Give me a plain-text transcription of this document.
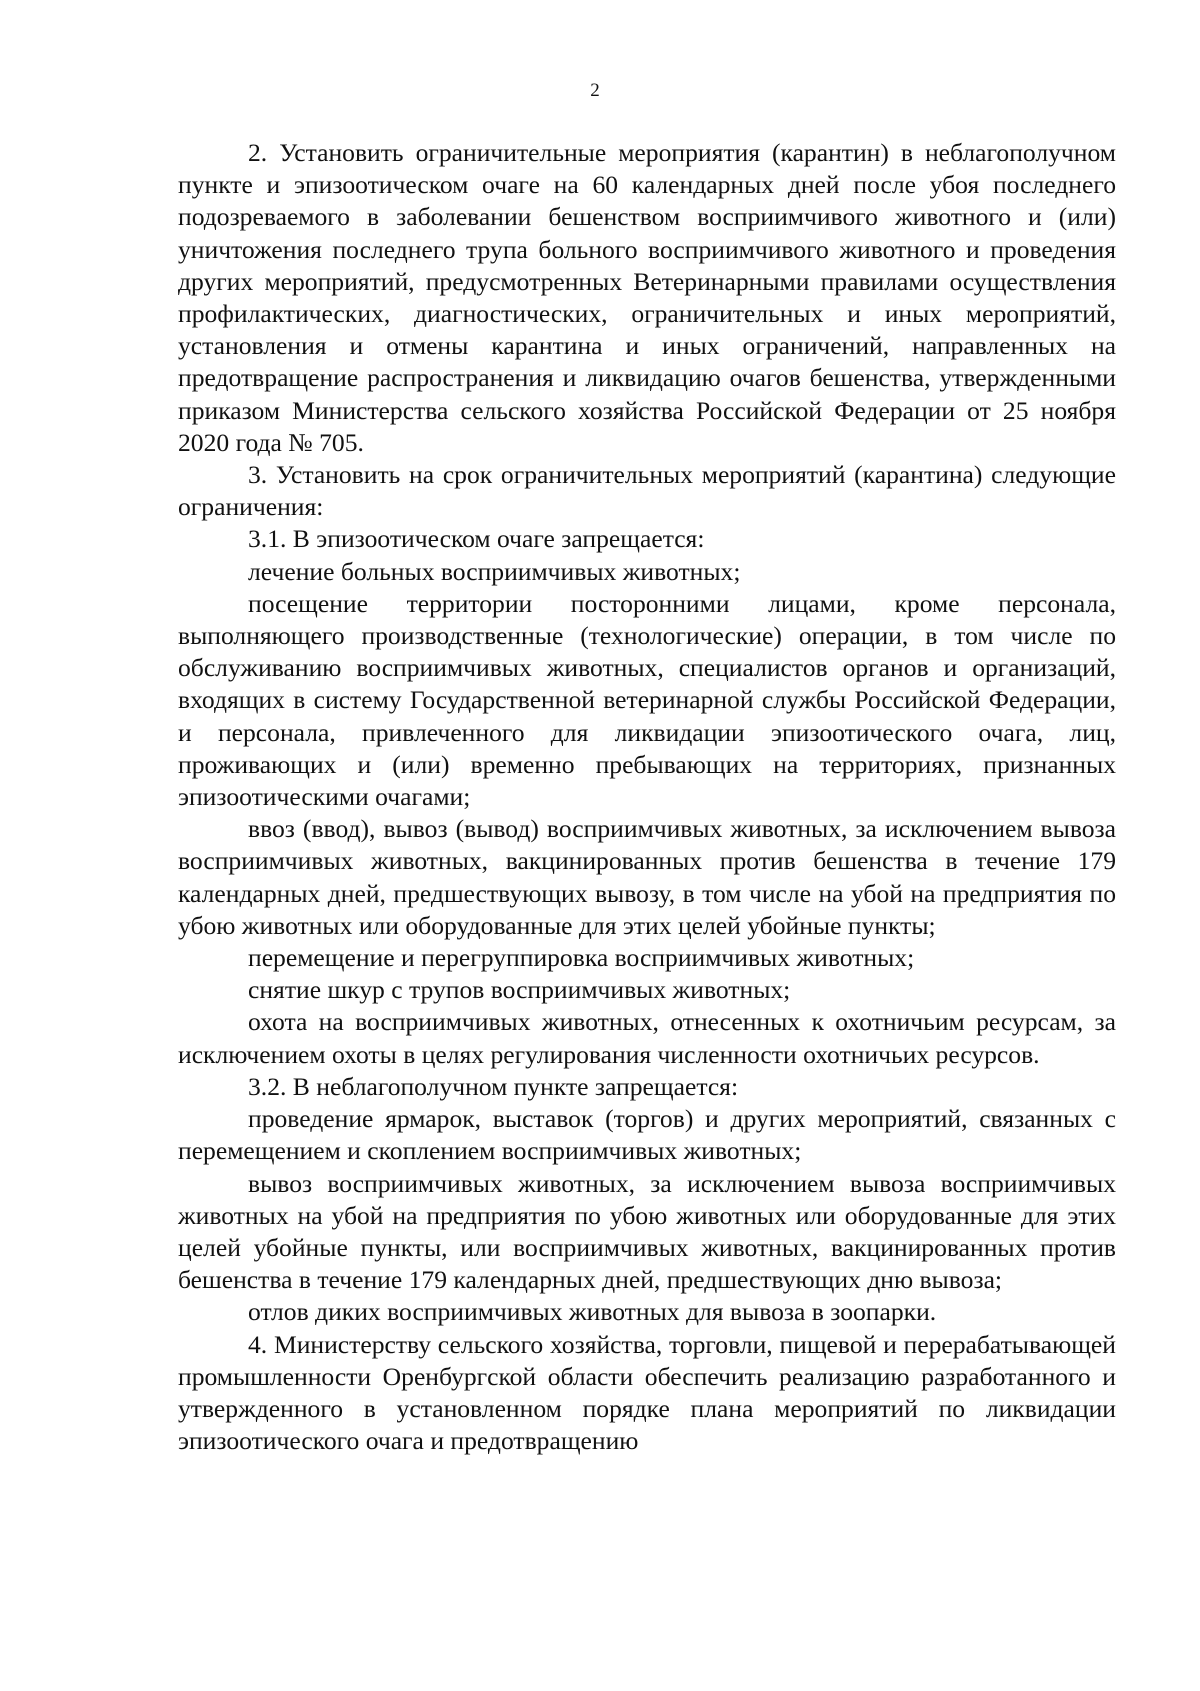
2

2. Установить ограничительные мероприятия (карантин) в неблагополучном пункте и эпизоотическом очаге на 60 календарных дней после убоя последнего подозреваемого в заболевании бешенством восприимчивого животного и (или) уничтожения последнего трупа больного восприимчивого животного и проведения других мероприятий, предусмотренных Ветеринарными правилами осуществления профилактических, диагностических, ограничительных и иных мероприятий, установления и отмены карантина и иных ограничений, направленных на предотвращение распространения и ликвидацию очагов бешенства, утвержденными приказом Министерства сельского хозяйства Российской Федерации от 25 ноября 2020 года № 705.

3. Установить на срок ограничительных мероприятий (карантина) следующие ограничения:

3.1. В эпизоотическом очаге запрещается:

лечение больных восприимчивых животных;

посещение территории посторонними лицами, кроме персонала, выполняющего производственные (технологические) операции, в том числе по обслуживанию восприимчивых животных, специалистов органов и организаций, входящих в систему Государственной ветеринарной службы Российской Федерации, и персонала, привлеченного для ликвидации эпизоотического очага, лиц, проживающих и (или) временно пребывающих на территориях, признанных эпизоотическими очагами;

ввоз (ввод), вывоз (вывод) восприимчивых животных, за исключением вывоза восприимчивых животных, вакцинированных против бешенства в течение 179 календарных дней, предшествующих вывозу, в том числе на убой на предприятия по убою животных или оборудованные для этих целей убойные пункты;

перемещение и перегруппировка восприимчивых животных;

снятие шкур с трупов восприимчивых животных;

охота на восприимчивых животных, отнесенных к охотничьим ресурсам, за исключением охоты в целях регулирования численности охотничьих ресурсов.

3.2. В неблагополучном пункте запрещается:

проведение ярмарок, выставок (торгов) и других мероприятий, связанных с перемещением и скоплением восприимчивых животных;

вывоз восприимчивых животных, за исключением вывоза восприимчивых животных на убой на предприятия по убою животных или оборудованные для этих целей убойные пункты, или восприимчивых животных, вакцинированных против бешенства в течение 179 календарных дней, предшествующих дню вывоза;

отлов диких восприимчивых животных для вывоза в зоопарки.

4. Министерству сельского хозяйства, торговли, пищевой и перерабатывающей промышленности Оренбургской области обеспечить реализацию разработанного и утвержденного в установленном порядке плана мероприятий по ликвидации эпизоотического очага и предотвращению
